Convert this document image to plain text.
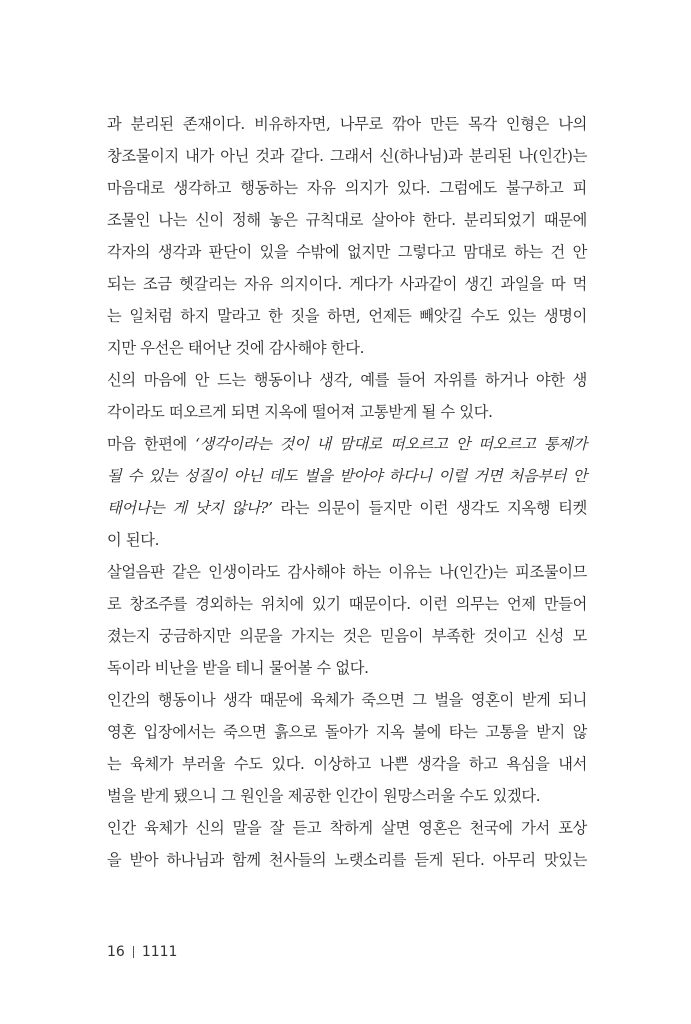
과 분리된 존재이다. 비유하자면, 나무로 깎아 만든 목각 인형은 나의
창조물이지 내가 아닌 것과 같다. 그래서 신(하나님)과 분리된 나(인간)는
마음대로 생각하고 행동하는 자유 의지가 있다. 그럼에도 불구하고 피
조물인 나는 신이 정해 놓은 규칙대로 살아야 한다. 분리되었기 때문에
각자의 생각과 판단이 있을 수밖에 없지만 그렇다고 맘대로 하는 건 안
되는 조금 헷갈리는 자유 의지이다. 게다가 사과같이 생긴 과일을 따 먹
는 일처럼 하지 말라고 한 짓을 하면, 언제든 빼앗길 수도 있는 생명이
지만 우선은 태어난 것에 감사해야 한다.
신의 마음에 안 드는 행동이나 생각, 예를 들어 자위를 하거나 야한 생
각이라도 떠오르게 되면 지옥에 떨어져 고통받게 될 수 있다.
마음 한편에 ‘생각이라는 것이 내 맘대로 떠오르고 안 떠오르고 통제가
될 수 있는 성질이 아닌 데도 벌을 받아야 하다니 이럴 거면 처음부터 안
태어나는 게 낫지 않나?’ 라는 의문이 들지만 이런 생각도 지옥행 티켓
이 된다.
살얼음판 같은 인생이라도 감사해야 하는 이유는 나(인간)는 피조물이므
로 창조주를 경외하는 위치에 있기 때문이다. 이런 의무는 언제 만들어
졌는지 궁금하지만 의문을 가지는 것은 믿음이 부족한 것이고 신성 모
독이라 비난을 받을 테니 물어볼 수 없다.
인간의 행동이나 생각 때문에 육체가 죽으면 그 벌을 영혼이 받게 되니
영혼 입장에서는 죽으면 흙으로 돌아가 지옥 불에 타는 고통을 받지 않
는 육체가 부러울 수도 있다. 이상하고 나쁜 생각을 하고 욕심을 내서
벌을 받게 됐으니 그 원인을 제공한 인간이 원망스러울 수도 있겠다.
인간 육체가 신의 말을 잘 듣고 착하게 살면 영혼은 천국에 가서 포상
을 받아 하나님과 함께 천사들의 노랫소리를 듣게 된다. 아무리 맛있는
16 1111
